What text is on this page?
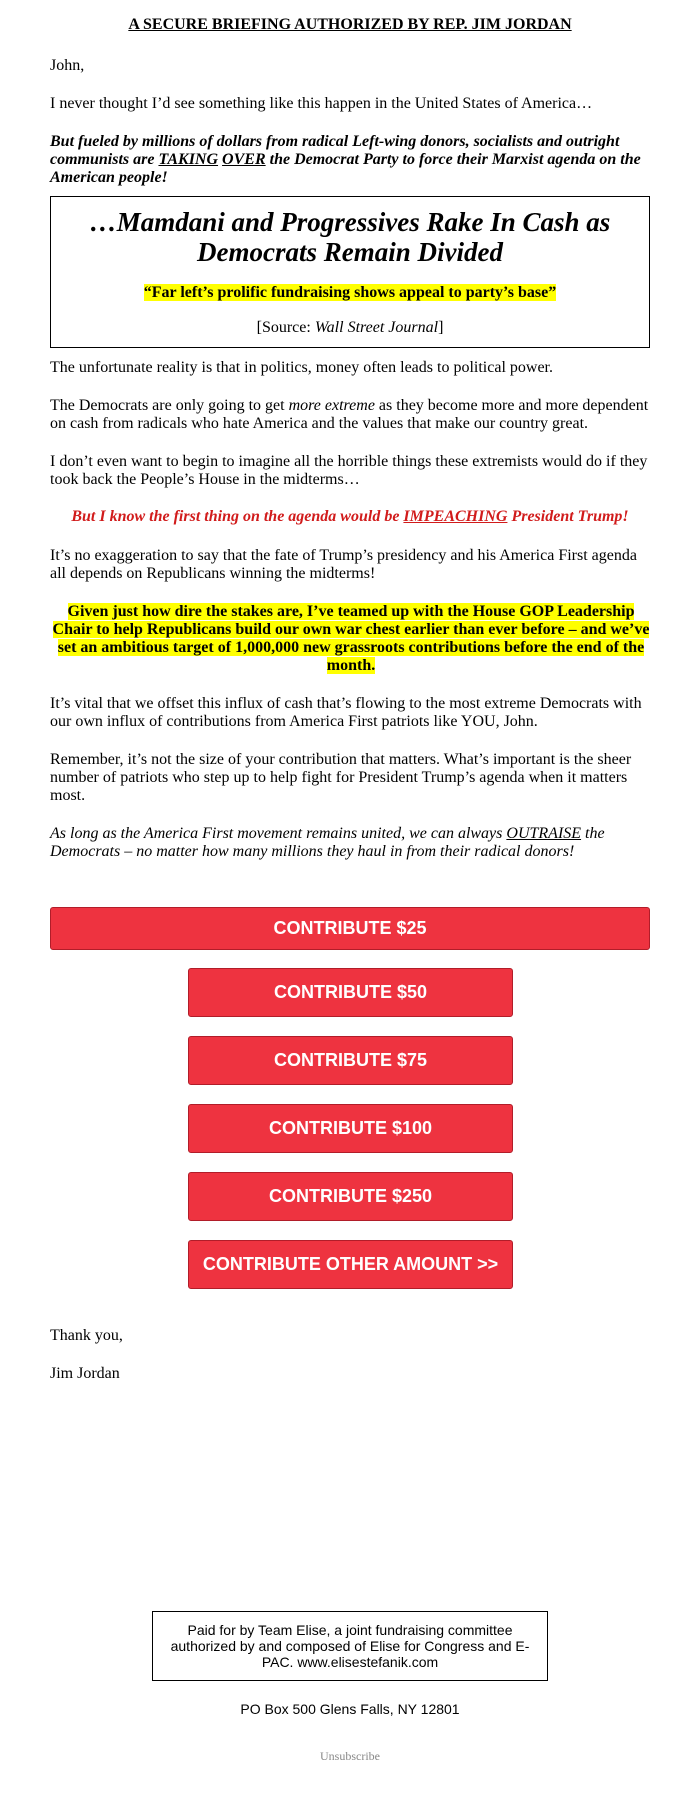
A SECURE BRIEFING AUTHORIZED BY REP. JIM JORDAN
John,
I never thought I’d see something like this happen in the United States of America…
But fueled by millions of dollars from radical Left-wing donors, socialists and outright communists are TAKING OVER the Democrat Party to force their Marxist agenda on the American people!
…Mamdani and Progressives Rake In Cash as Democrats Remain Divided
“Far left’s prolific fundraising shows appeal to party’s base”
[Source: Wall Street Journal]
The unfortunate reality is that in politics, money often leads to political power.
The Democrats are only going to get more extreme as they become more and more dependent on cash from radicals who hate America and the values that make our country great.
I don’t even want to begin to imagine all the horrible things these extremists would do if they took back the People’s House in the midterms…
But I know the first thing on the agenda would be IMPEACHING President Trump!
It’s no exaggeration to say that the fate of Trump’s presidency and his America First agenda all depends on Republicans winning the midterms!
Given just how dire the stakes are, I’ve teamed up with the House GOP Leadership Chair to help Republicans build our own war chest earlier than ever before – and we’ve set an ambitious target of 1,000,000 new grassroots contributions before the end of the month.
It’s vital that we offset this influx of cash that’s flowing to the most extreme Democrats with our own influx of contributions from America First patriots like YOU, John.
Remember, it’s not the size of your contribution that matters. What’s important is the sheer number of patriots who step up to help fight for President Trump’s agenda when it matters most.
As long as the America First movement remains united, we can always OUTRAISE the Democrats – no matter how many millions they haul in from their radical donors!
CONTRIBUTE $25
CONTRIBUTE $50
CONTRIBUTE $75
CONTRIBUTE $100
CONTRIBUTE $250
CONTRIBUTE OTHER AMOUNT >>
Thank you,
Jim Jordan
Paid for by Team Elise, a joint fundraising committee authorized by and composed of Elise for Congress and E-PAC. www.elisestefanik.com
PO Box 500 Glens Falls, NY 12801
Unsubscribe
